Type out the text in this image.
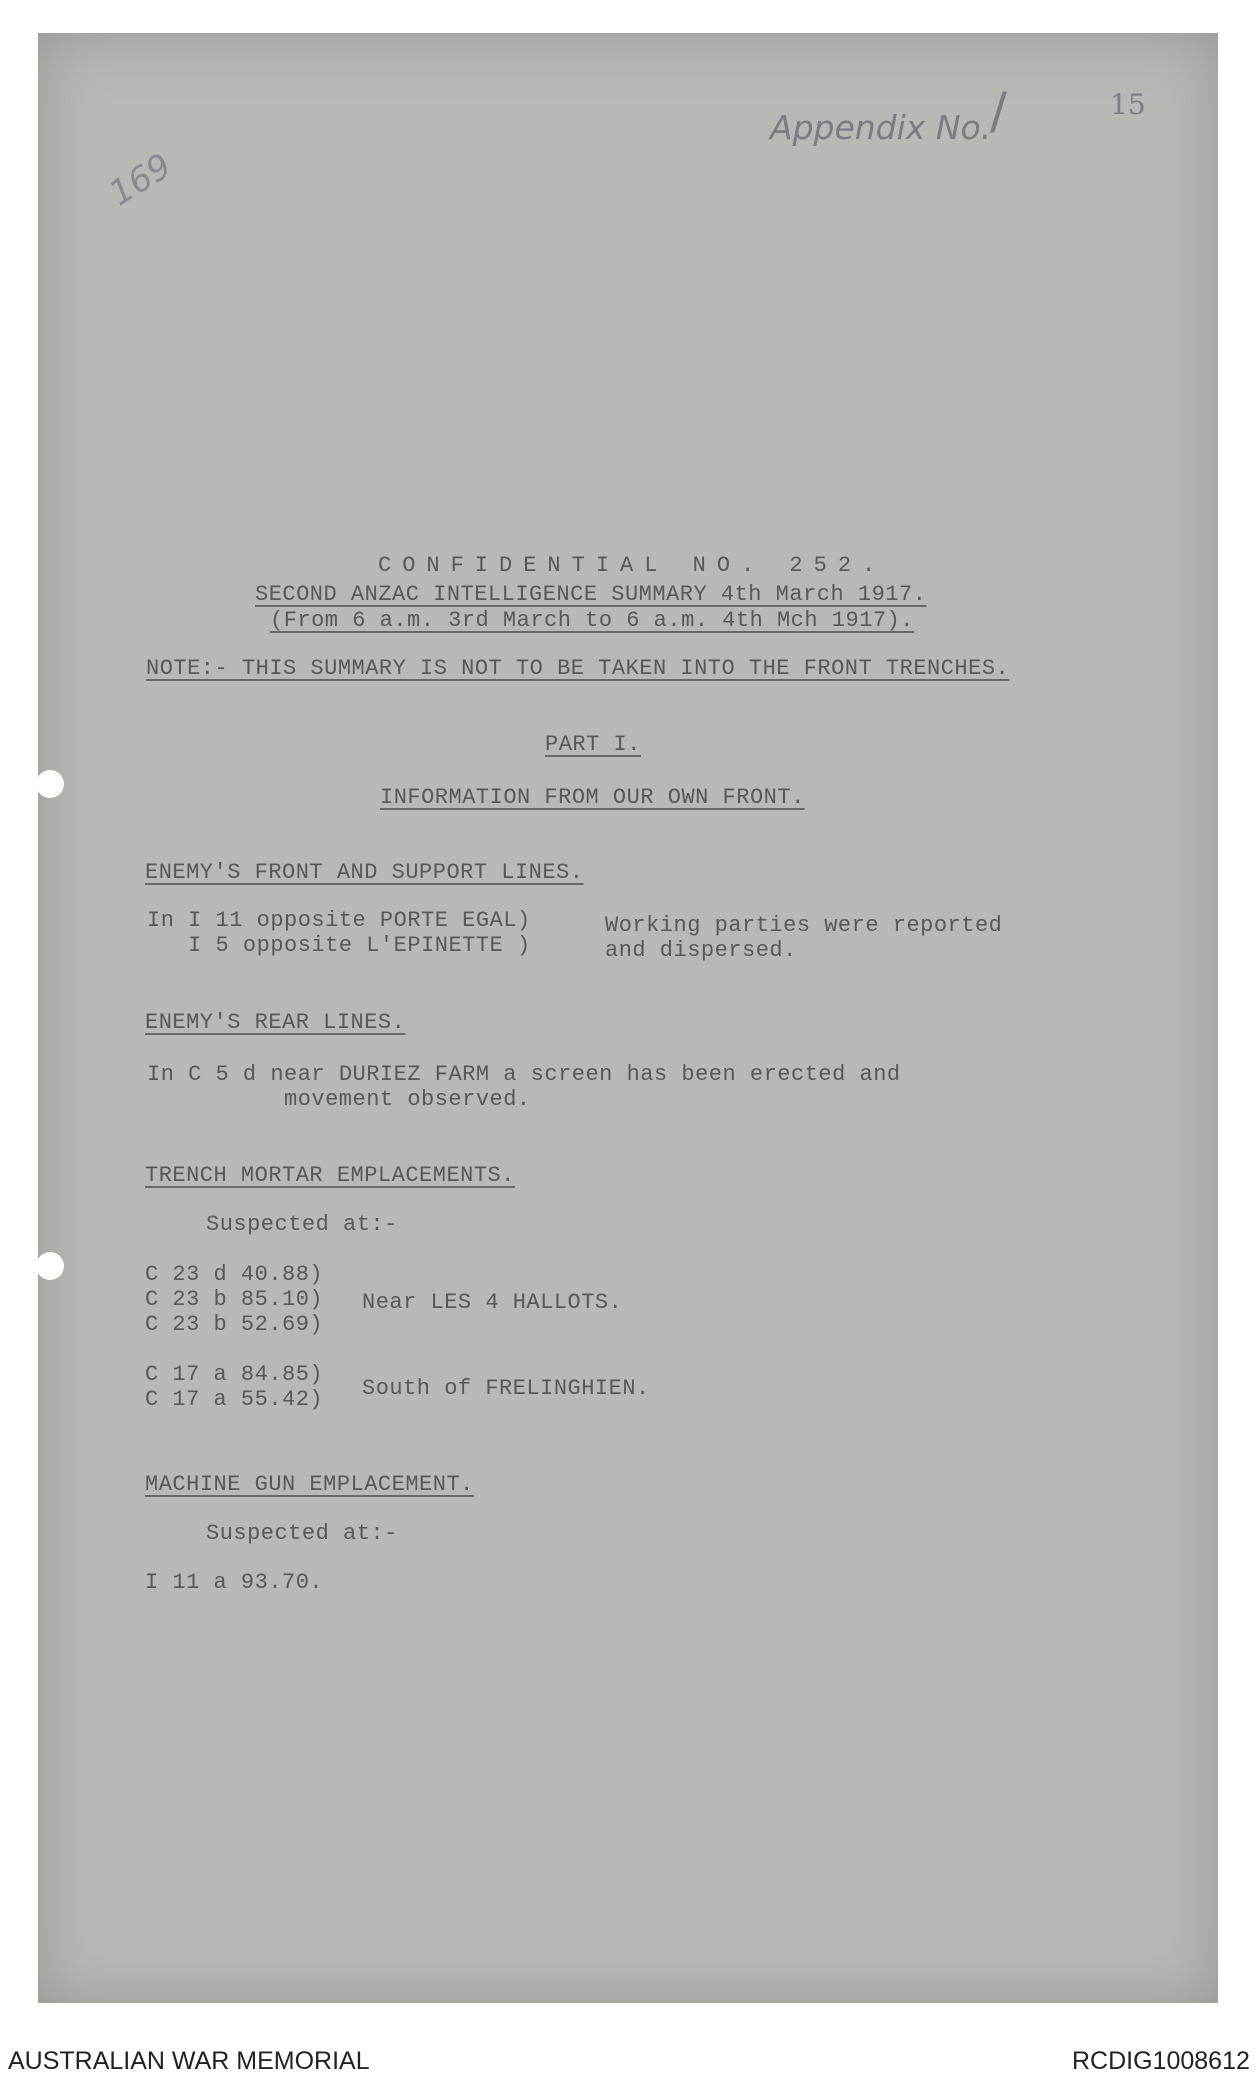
Appendix No.
/	15
169
CONFIDENTIAL NO. 252.
SECOND ANZAC INTELLIGENCE SUMMARY 4th March 1917.
(From 6 a.m. 3rd March to 6 a.m. 4th Mch 1917).
NOTE:- THIS SUMMARY IS NOT TO BE TAKEN INTO THE FRONT TRENCHES.
PART I.
INFORMATION FROM OUR OWN FRONT.
ENEMY'S FRONT AND SUPPORT LINES.
In I 11 opposite PORTE EGAL)
I 5 opposite L'EPINETTE )
Working parties were reported
and dispersed.
ENEMY'S REAR LINES.
In C 5 d near DURIEZ FARM a screen has been erected and
movement observed.
TRENCH MORTAR EMPLACEMENTS.
Suspected at:-
C 23 d 40.88)
C 23 b 85.10)
C 23 b 52.69)
Near LES 4 HALLOTS.
C 17 a 84.85)
C 17 a 55.42) South of FRELINGHIEN.
MACHINE GUN EMPLACEMENT.
Suspected at:-
I 11 a 93.70.
AUSTRALIAN WAR MEMORIAL	RCDIG1008612
